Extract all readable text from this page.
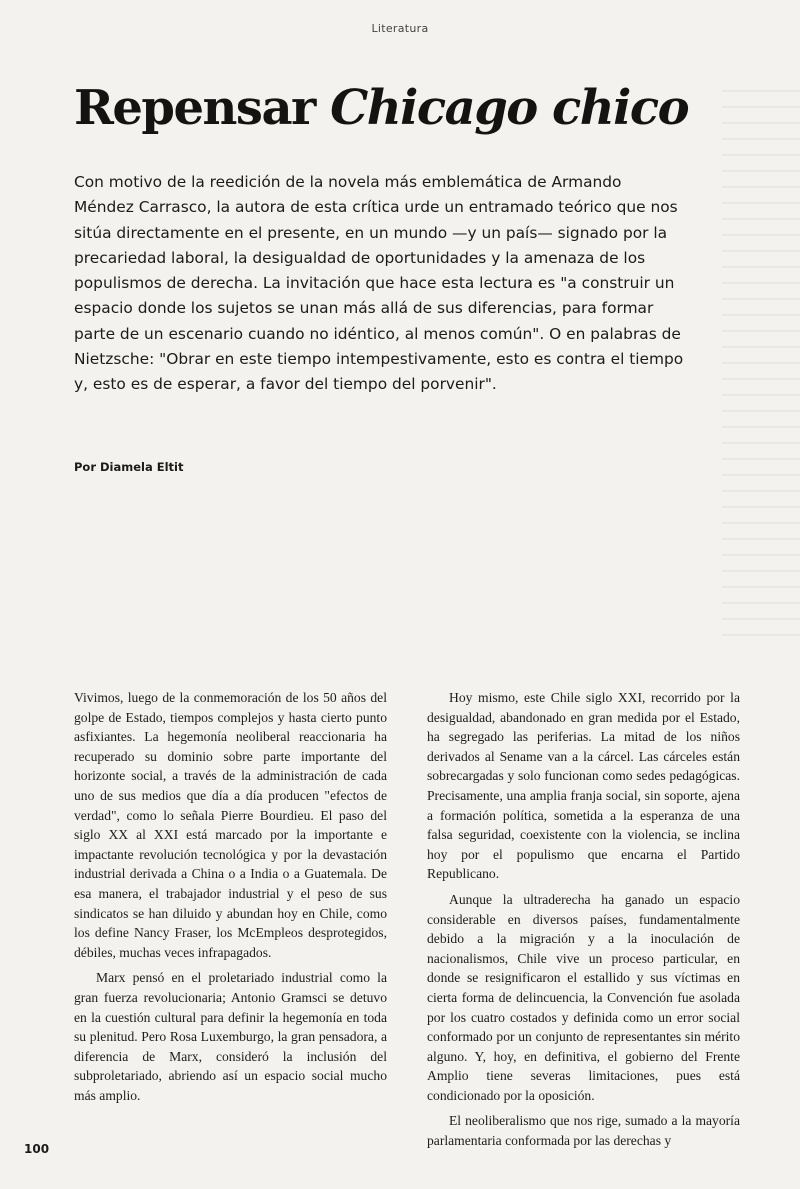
Literatura
Repensar Chicago chico

Con motivo de la reedición de la novela más emblemática de Armando Méndez Carrasco, la autora de esta crítica urde un entramado teórico que nos sitúa directamente en el presente, en un mundo —y un país— signado por la precariedad laboral, la desigualdad de oportunidades y la amenaza de los populismos de derecha. La invitación que hace esta lectura es "a construir un espacio donde los sujetos se unan más allá de sus diferencias, para formar parte de un escenario cuando no idéntico, al menos común". O en palabras de Nietzsche: "Obrar en este tiempo intempestivamente, esto es contra el tiempo y, esto es de esperar, a favor del tiempo del porvenir".

Por Diamela Eltit

Vivimos, luego de la conmemoración de los 50 años del golpe de Estado, tiempos complejos y hasta cierto punto asfixiantes. La hegemonía neoliberal reaccionaria ha recuperado su dominio sobre parte importante del horizonte social, a través de la administración de cada uno de sus medios que día a día producen "efectos de verdad", como lo señala Pierre Bourdieu. El paso del siglo XX al XXI está marcado por la importante e impactante revolución tecnológica y por la devastación industrial derivada a China o a India o a Guatemala. De esa manera, el trabajador industrial y el peso de sus sindicatos se han diluido y abundan hoy en Chile, como los define Nancy Fraser, los McEmpleos desprotegidos, débiles, muchas veces infrapagados.

Marx pensó en el proletariado industrial como la gran fuerza revolucionaria; Antonio Gramsci se detuvo en la cuestión cultural para definir la hegemonía en toda su plenitud. Pero Rosa Luxemburgo, la gran pensadora, a diferencia de Marx, consideró la inclusión del subproletariado, abriendo así un espacio social mucho más amplio.

Hoy mismo, este Chile siglo XXI, recorrido por la desigualdad, abandonado en gran medida por el Estado, ha segregado las periferias. La mitad de los niños derivados al Sename van a la cárcel. Las cárceles están sobrecargadas y solo funcionan como sedes pedagógicas. Precisamente, una amplia franja social, sin soporte, ajena a formación política, sometida a la esperanza de una falsa seguridad, coexistente con la violencia, se inclina hoy por el populismo que encarna el Partido Republicano.

Aunque la ultraderecha ha ganado un espacio considerable en diversos países, fundamentalmente debido a la migración y a la inoculación de nacionalismos, Chile vive un proceso particular, en donde se resignificaron el estallido y sus víctimas en cierta forma de delincuencia, la Convención fue asolada por los cuatro costados y definida como un error social conformado por un conjunto de representantes sin mérito alguno. Y, hoy, en definitiva, el gobierno del Frente Amplio tiene severas limitaciones, pues está condicionado por la oposición.

El neoliberalismo que nos rige, sumado a la mayoría parlamentaria conformada por las derechas y

100
